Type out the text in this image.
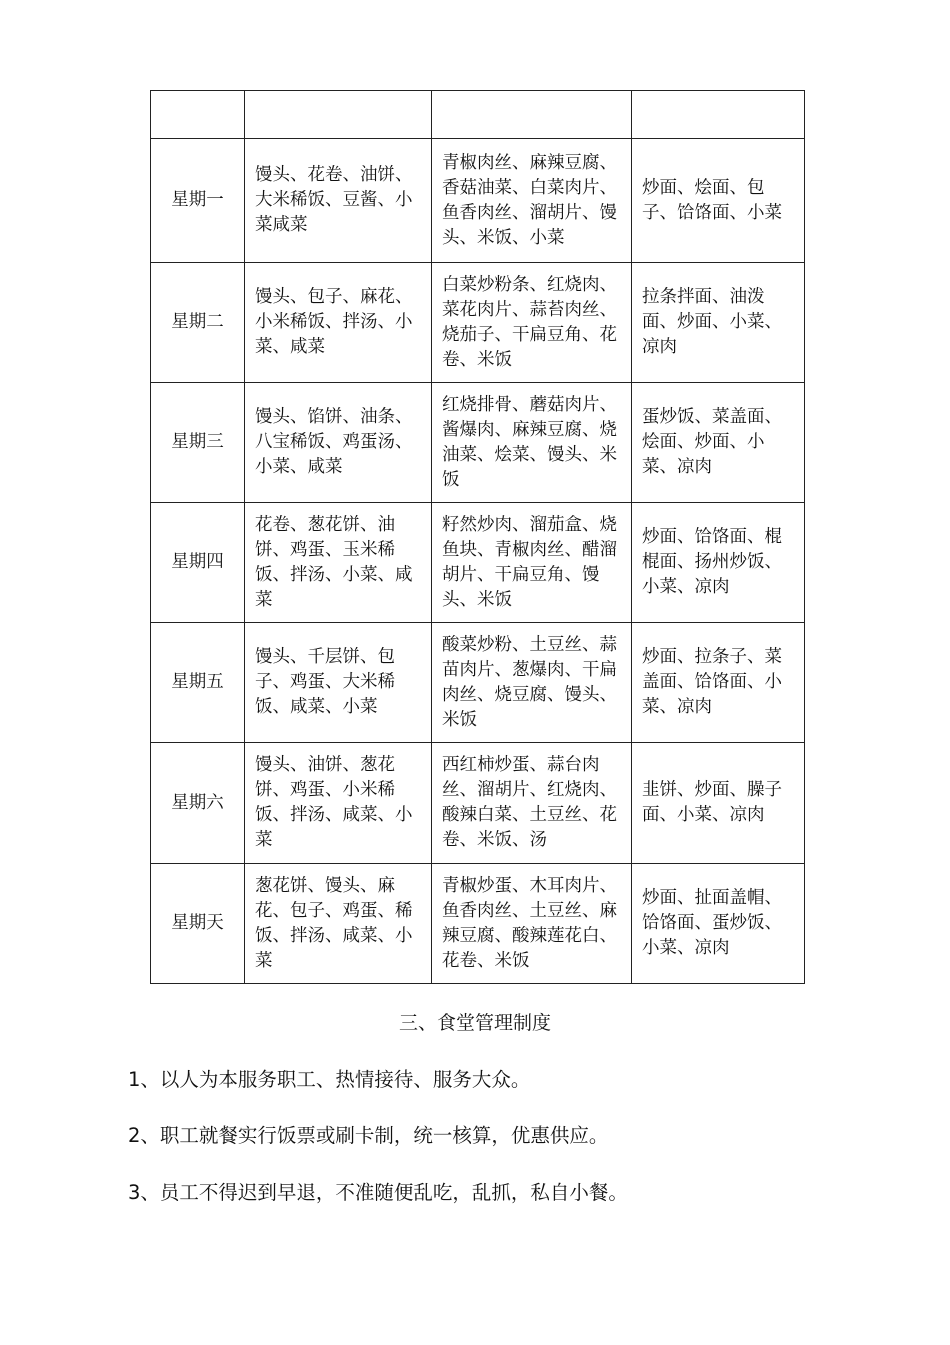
星期一	馒头、花卷、油饼、大米稀饭、豆酱、小菜咸菜	青椒肉丝、麻辣豆腐、香菇油菜、白菜肉片、鱼香肉丝、溜胡片、馒头、米饭、小菜	炒面、烩面、包子、饸饹面、小菜
星期二	馒头、包子、麻花、小米稀饭、拌汤、小菜、咸菜	白菜炒粉条、红烧肉、菜花肉片、蒜苔肉丝、烧茄子、干扁豆角、花卷、米饭	拉条拌面、油泼面、炒面、小菜、凉肉
星期三	馒头、馅饼、油条、八宝稀饭、鸡蛋汤、小菜、咸菜	红烧排骨、蘑菇肉片、酱爆肉、麻辣豆腐、烧油菜、烩菜、馒头、米饭	蛋炒饭、菜盖面、烩面、炒面、小菜、凉肉
星期四	花卷、葱花饼、油饼、鸡蛋、玉米稀饭、拌汤、小菜、咸菜	籽然炒肉、溜茄盒、烧鱼块、青椒肉丝、醋溜胡片、干扁豆角、馒头、米饭	炒面、饸饹面、棍棍面、扬州炒饭、小菜、凉肉
星期五	馒头、千层饼、包子、鸡蛋、大米稀饭、咸菜、小菜	酸菜炒粉、土豆丝、蒜苗肉片、葱爆肉、干扁肉丝、烧豆腐、馒头、米饭	炒面、拉条子、菜盖面、饸饹面、小菜、凉肉
星期六	馒头、油饼、葱花饼、鸡蛋、小米稀饭、拌汤、咸菜、小菜	西红柿炒蛋、蒜台肉丝、溜胡片、红烧肉、酸辣白菜、土豆丝、花卷、米饭、汤	韭饼、炒面、臊子面、小菜、凉肉
星期天	葱花饼、馒头、麻花、包子、鸡蛋、稀饭、拌汤、咸菜、小菜	青椒炒蛋、木耳肉片、鱼香肉丝、土豆丝、麻辣豆腐、酸辣莲花白、花卷、米饭	炒面、扯面盖帽、饸饹面、蛋炒饭、小菜、凉肉
三、食堂管理制度
1、以人为本服务职工、热情接待、服务大众。
2、职工就餐实行饭票或刷卡制，统一核算，优惠供应。
3、员工不得迟到早退，不准随便乱吃，乱抓，私自小餐。
